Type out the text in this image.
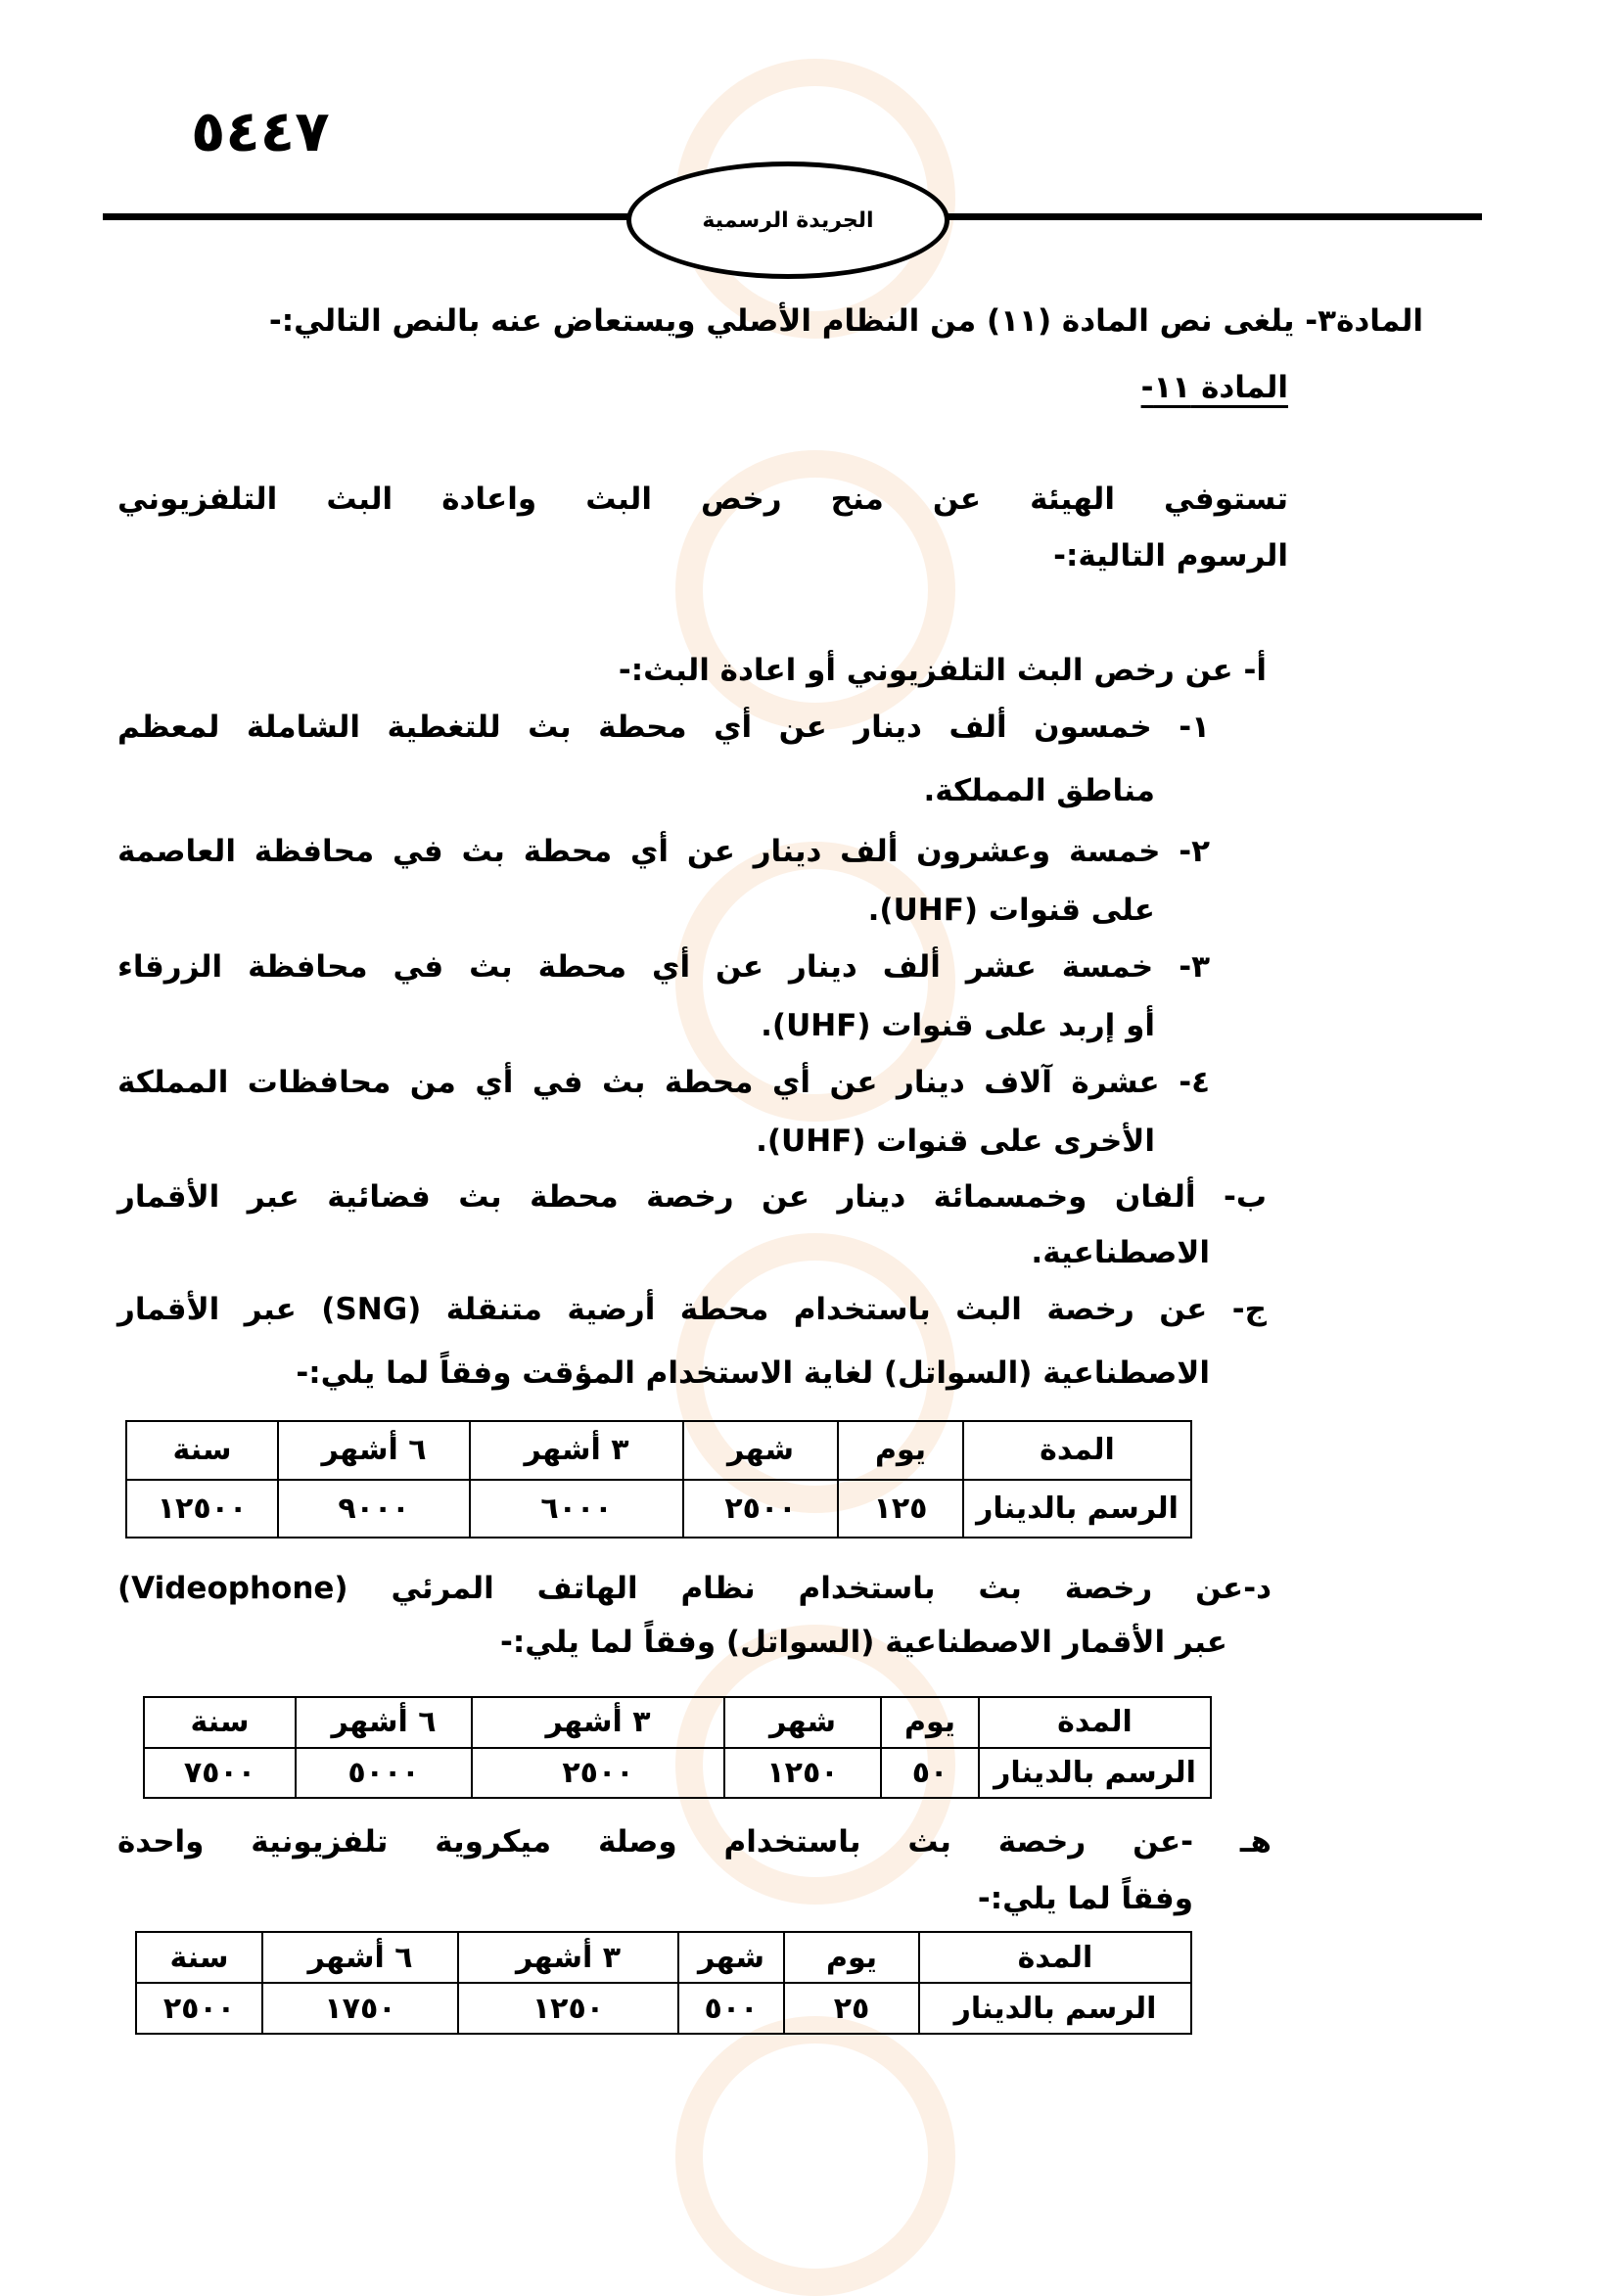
٥٤٤٧
الجريدة الرسمية
المادة٣- يلغى نص المادة (١١) من النظام الأصلي ويستعاض عنه بالنص التالي:-
المادة ١١-
تستوفي الهيئة عن منح رخص البث واعادة البث التلفزيوني
الرسوم التالية:-
أ- عن رخص البث التلفزيوني أو اعادة البث:-
١- خمسون ألف دينار عن أي محطة بث للتغطية الشاملة لمعظم
مناطق المملكة.
٢- خمسة وعشرون ألف دينار عن أي محطة بث في محافظة العاصمة
على قنوات (UHF).
٣- خمسة عشر ألف دينار عن أي محطة بث في محافظة الزرقاء
أو إربد على قنوات (UHF).
٤- عشرة آلاف دينار عن أي محطة بث في أي من محافظات المملكة
الأخرى على قنوات (UHF).
ب- ألفان وخمسمائة دينار عن رخصة محطة بث فضائية عبر الأقمار
الاصطناعية.
ج- عن رخصة البث باستخدام محطة أرضية متنقلة (SNG) عبر الأقمار
الاصطناعية (السواتل) لغاية الاستخدام المؤقت وفقاً لما يلي:-
المدة	يوم	شهر	٣ أشهر	٦ أشهر	سنة
الرسم بالدينار	١٢٥	٢٥٠٠	٦٠٠٠	٩٠٠٠	١٢٥٠٠
د-عن رخصة بث باستخدام نظام الهاتف المرئي (Videophone)
عبر الأقمار الاصطناعية (السواتل) وفقاً لما يلي:-
المدة	يوم	شهر	٣ أشهر	٦ أشهر	سنة
الرسم بالدينار	٥٠	١٢٥٠	٢٥٠٠	٥٠٠٠	٧٥٠٠
هـ -عن رخصة بث باستخدام وصلة ميكروية تلفزيونية واحدة
وفقاً لما يلي:-
المدة	يوم	شهر	٣ أشهر	٦ أشهر	سنة
الرسم بالدينار	٢٥	٥٠٠	١٢٥٠	١٧٥٠	٢٥٠٠
